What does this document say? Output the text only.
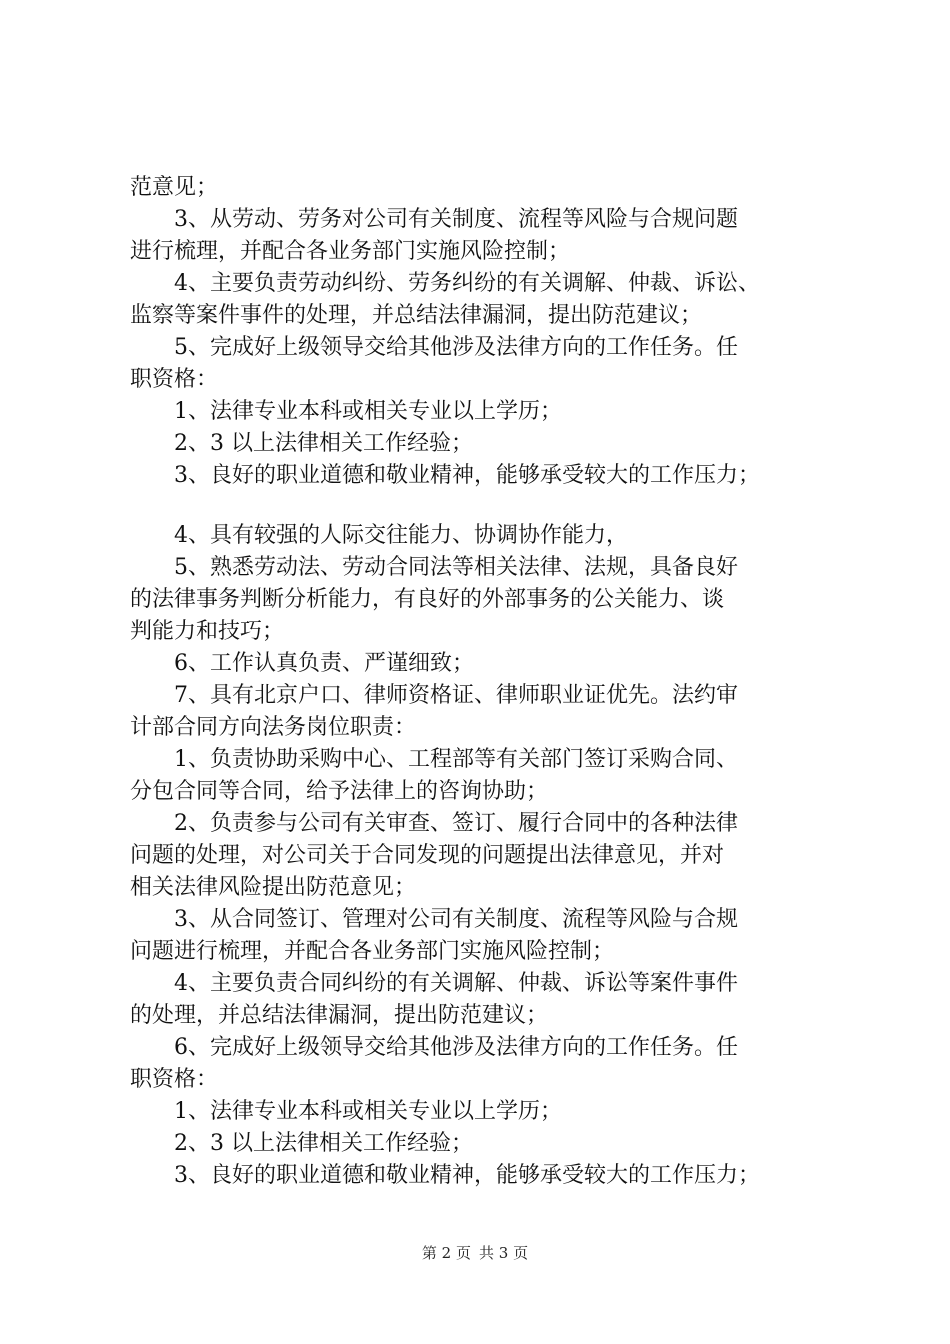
范意见；
3、从劳动、劳务对公司有关制度、流程等风险与合规问题
进行梳理，并配合各业务部门实施风险控制；
4、主要负责劳动纠纷、劳务纠纷的有关调解、仲裁、诉讼、
监察等案件事件的处理，并总结法律漏洞，提出防范建议；
5、完成好上级领导交给其他涉及法律方向的工作任务。任
职资格：
1、法律专业本科或相关专业以上学历；
2、3 以上法律相关工作经验；
3、良好的职业道德和敬业精神，能够承受较大的工作压力；
4、具有较强的人际交往能力、协调协作能力，
5、熟悉劳动法、劳动合同法等相关法律、法规，具备良好
的法律事务判断分析能力，有良好的外部事务的公关能力、谈
判能力和技巧；
6、工作认真负责、严谨细致；
7、具有北京户口、律师资格证、律师职业证优先。法约审
计部合同方向法务岗位职责：
1、负责协助采购中心、工程部等有关部门签订采购合同、
分包合同等合同，给予法律上的咨询协助；
2、负责参与公司有关审查、签订、履行合同中的各种法律
问题的处理，对公司关于合同发现的问题提出法律意见，并对
相关法律风险提出防范意见；
3、从合同签订、管理对公司有关制度、流程等风险与合规
问题进行梳理，并配合各业务部门实施风险控制；
4、主要负责合同纠纷的有关调解、仲裁、诉讼等案件事件
的处理，并总结法律漏洞，提出防范建议；
6、完成好上级领导交给其他涉及法律方向的工作任务。任
职资格：
1、法律专业本科或相关专业以上学历；
2、3 以上法律相关工作经验；
3、良好的职业道德和敬业精神，能够承受较大的工作压力；
第 2 页 共 3 页
